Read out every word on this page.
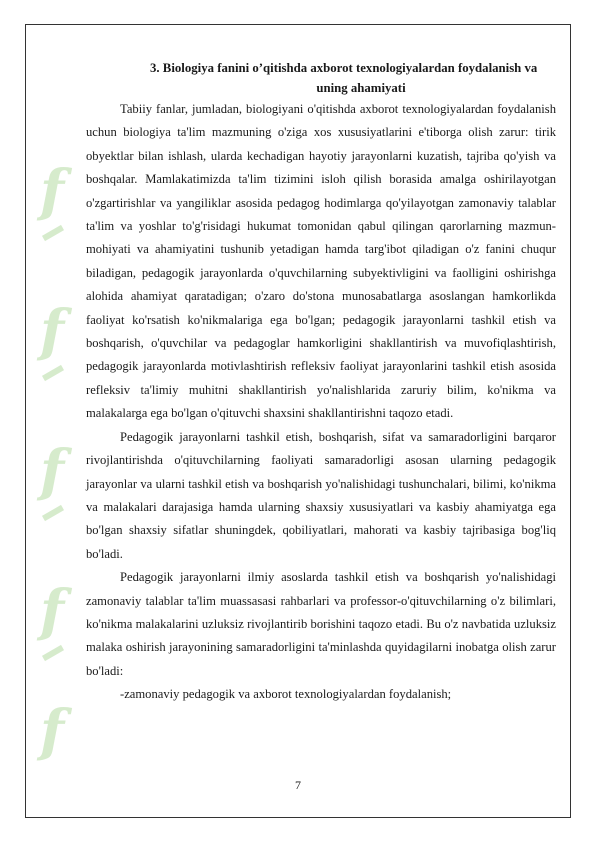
f
f
f
f
f
3. Biologiya fanini o’qitishda axborot texnologiyalardan foydalanish va
uning ahamiyati

Tabiiy fanlar, jumladan, biologiyani o'qitishda axborot texnologiyalardan foydalanish uchun biologiya ta'lim mazmuning o'ziga xos xususiyatlarini e'tiborga olish zarur: tirik obyektlar bilan ishlash, ularda kechadigan hayotiy jarayonlarni kuzatish, tajriba qo'yish va boshqalar. Mamlakatimizda ta'lim tizimini isloh qilish borasida amalga oshirilayotgan o'zgartirishlar va yangiliklar asosida pedagog hodimlarga qo'yilayotgan zamonaviy talablar ta'lim va yoshlar to'g'risidagi hukumat tomonidan qabul qilingan qarorlarning mazmun-mohiyati va ahamiyatini tushunib yetadigan hamda targ'ibot qiladigan o'z fanini chuqur biladigan, pedagogik jarayonlarda o'quvchilarning subyektivligini va faolligini oshirishga alohida ahamiyat qaratadigan; o'zaro do'stona munosabatlarga asoslangan hamkorlikda faoliyat ko'rsatish ko'nikmalariga ega bo'lgan; pedagogik jarayonlarni tashkil etish va boshqarish, o'quvchilar va pedagoglar hamkorligini shakllantirish va muvofiqlashtirish, pedagogik jarayonlarda motivlashtirish refleksiv faoliyat jarayonlarini tashkil etish asosida refleksiv ta'limiy muhitni shakllantirish yo'nalishlarida zaruriy bilim, ko'nikma va malakalarga ega bo'lgan o'qituvchi shaxsini shakllantirishni taqozo etadi.

Pedagogik jarayonlarni tashkil etish, boshqarish, sifat va samaradorligini barqaror rivojlantirishda o'qituvchilarning faoliyati samaradorligi asosan ularning pedagogik jarayonlar va ularni tashkil etish va boshqarish yo'nalishidagi tushunchalari, bilimi, ko'nikma va malakalari darajasiga hamda ularning shaxsiy xususiyatlari va kasbiy ahamiyatga ega bo'lgan shaxsiy sifatlar shuningdek, qobiliyatlari, mahorati va kasbiy tajribasiga bog'liq bo'ladi.

Pedagogik jarayonlarni ilmiy asoslarda tashkil etish va boshqarish yo'nalishidagi zamonaviy talablar ta'lim muassasasi rahbarlari va professor-o'qituvchilarning o'z bilimlari, ko'nikma malakalarini uzluksiz rivojlantirib borishini taqozo etadi. Bu o'z navbatida uzluksiz malaka oshirish jarayonining samaradorligini ta'minlashda quyidagilarni inobatga olish zarur bo'ladi:

-zamonaviy pedagogik va axborot texnologiyalardan foydalanish;

7
